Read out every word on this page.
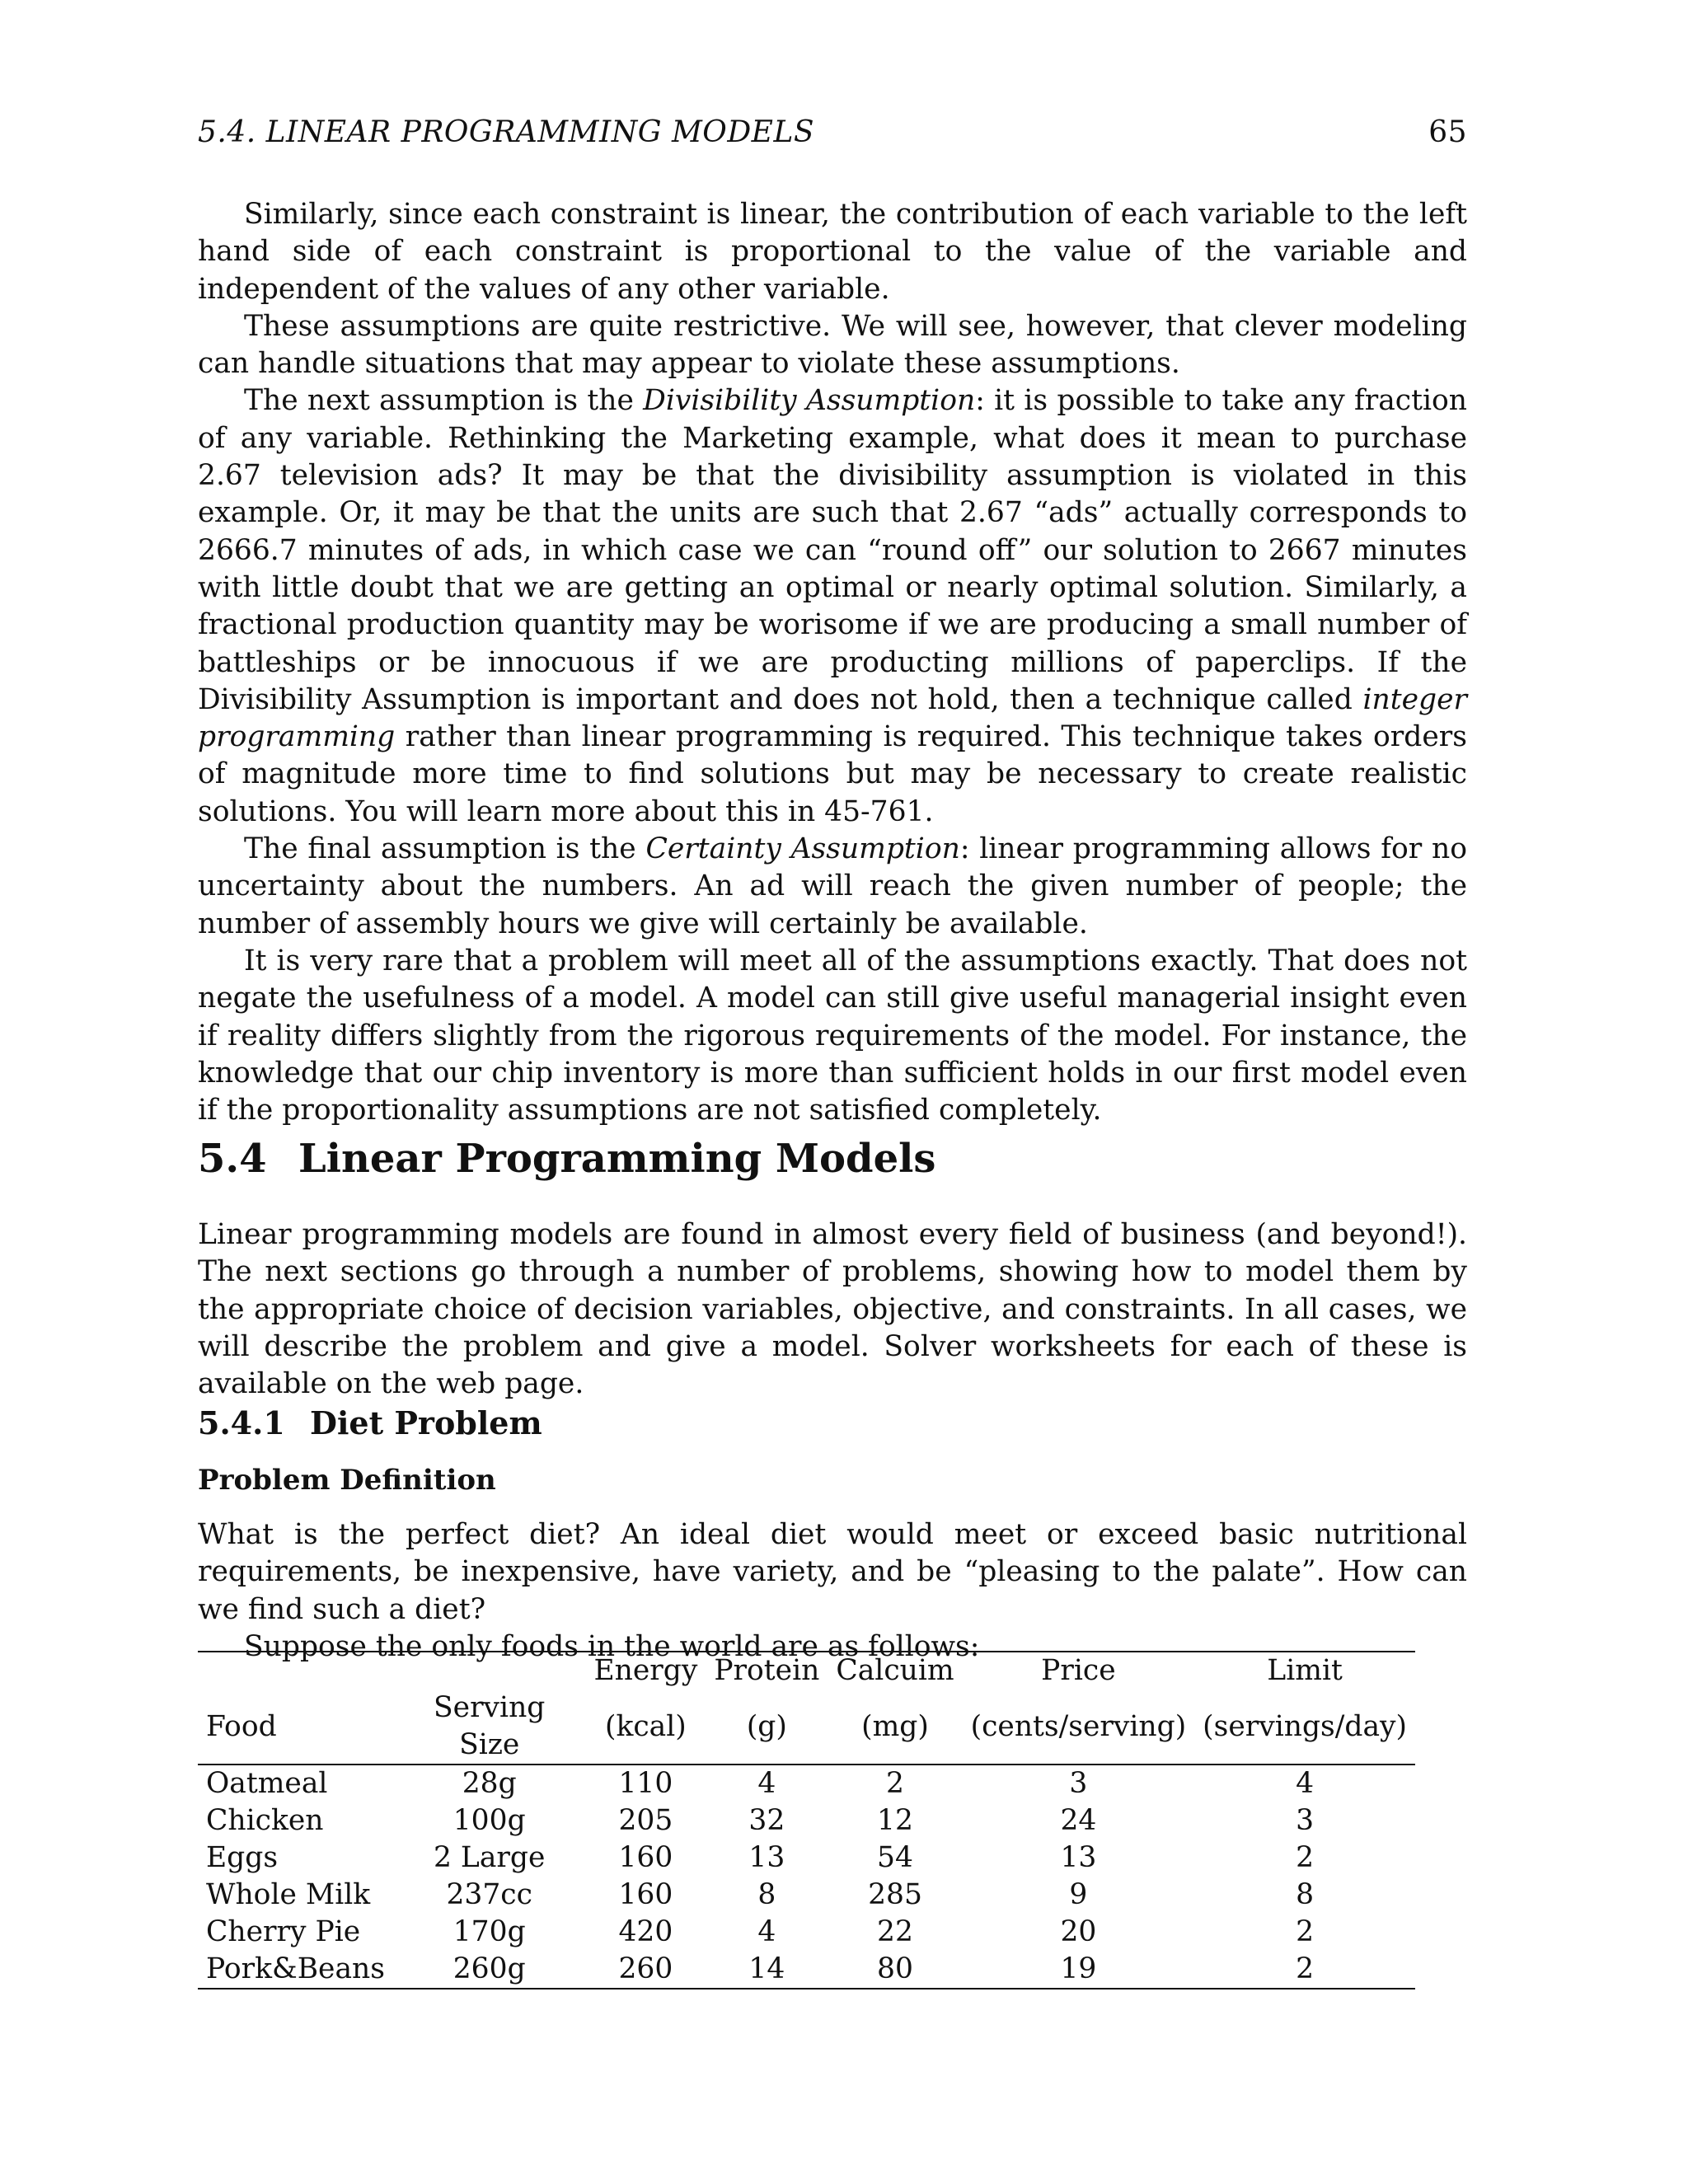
5.4. LINEAR PROGRAMMING MODELS	65

Similarly, since each constraint is linear, the contribution of each variable to the left hand side of each constraint is proportional to the value of the variable and independent of the values of any other variable.

These assumptions are quite restrictive. We will see, however, that clever modeling can handle situations that may appear to violate these assumptions.

The next assumption is the Divisibility Assumption: it is possible to take any fraction of any variable. Rethinking the Marketing example, what does it mean to purchase 2.67 television ads? It may be that the divisibility assumption is violated in this example. Or, it may be that the units are such that 2.67 “ads” actually corresponds to 2666.7 minutes of ads, in which case we can “round off” our solution to 2667 minutes with little doubt that we are getting an optimal or nearly optimal solution. Similarly, a fractional production quantity may be worisome if we are producing a small number of battleships or be innocuous if we are producting millions of paperclips. If the Divisibility Assumption is important and does not hold, then a technique called integer programming rather than linear programming is required. This technique takes orders of magnitude more time to find solutions but may be necessary to create realistic solutions. You will learn more about this in 45-761.

The final assumption is the Certainty Assumption: linear programming allows for no uncertainty about the numbers. An ad will reach the given number of people; the number of assembly hours we give will certainly be available.

It is very rare that a problem will meet all of the assumptions exactly. That does not negate the usefulness of a model. A model can still give useful managerial insight even if reality differs slightly from the rigorous requirements of the model. For instance, the knowledge that our chip inventory is more than sufficient holds in our first model even if the proportionality assumptions are not satisfied completely.

5.4 Linear Programming Models

Linear programming models are found in almost every field of business (and beyond!). The next sections go through a number of problems, showing how to model them by the appropriate choice of decision variables, objective, and constraints. In all cases, we will describe the problem and give a model. Solver worksheets for each of these is available on the web page.

5.4.1 Diet Problem
Problem Definition

What is the perfect diet? An ideal diet would meet or exceed basic nutritional requirements, be inexpensive, have variety, and be “pleasing to the palate”. How can we find such a diet?

Suppose the only foods in the world are as follows:

		Energy	Protein	Calcuim	Price	Limit
Food	Serving Size	(kcal)	(g)	(mg)	(cents/serving)	(servings/day)
Oatmeal	28g	110	4	2	3	4
Chicken	100g	205	32	12	24	3
Eggs	2 Large	160	13	54	13	2
Whole Milk	237cc	160	8	285	9	8
Cherry Pie	170g	420	4	22	20	2
Pork&Beans	260g	260	14	80	19	2
